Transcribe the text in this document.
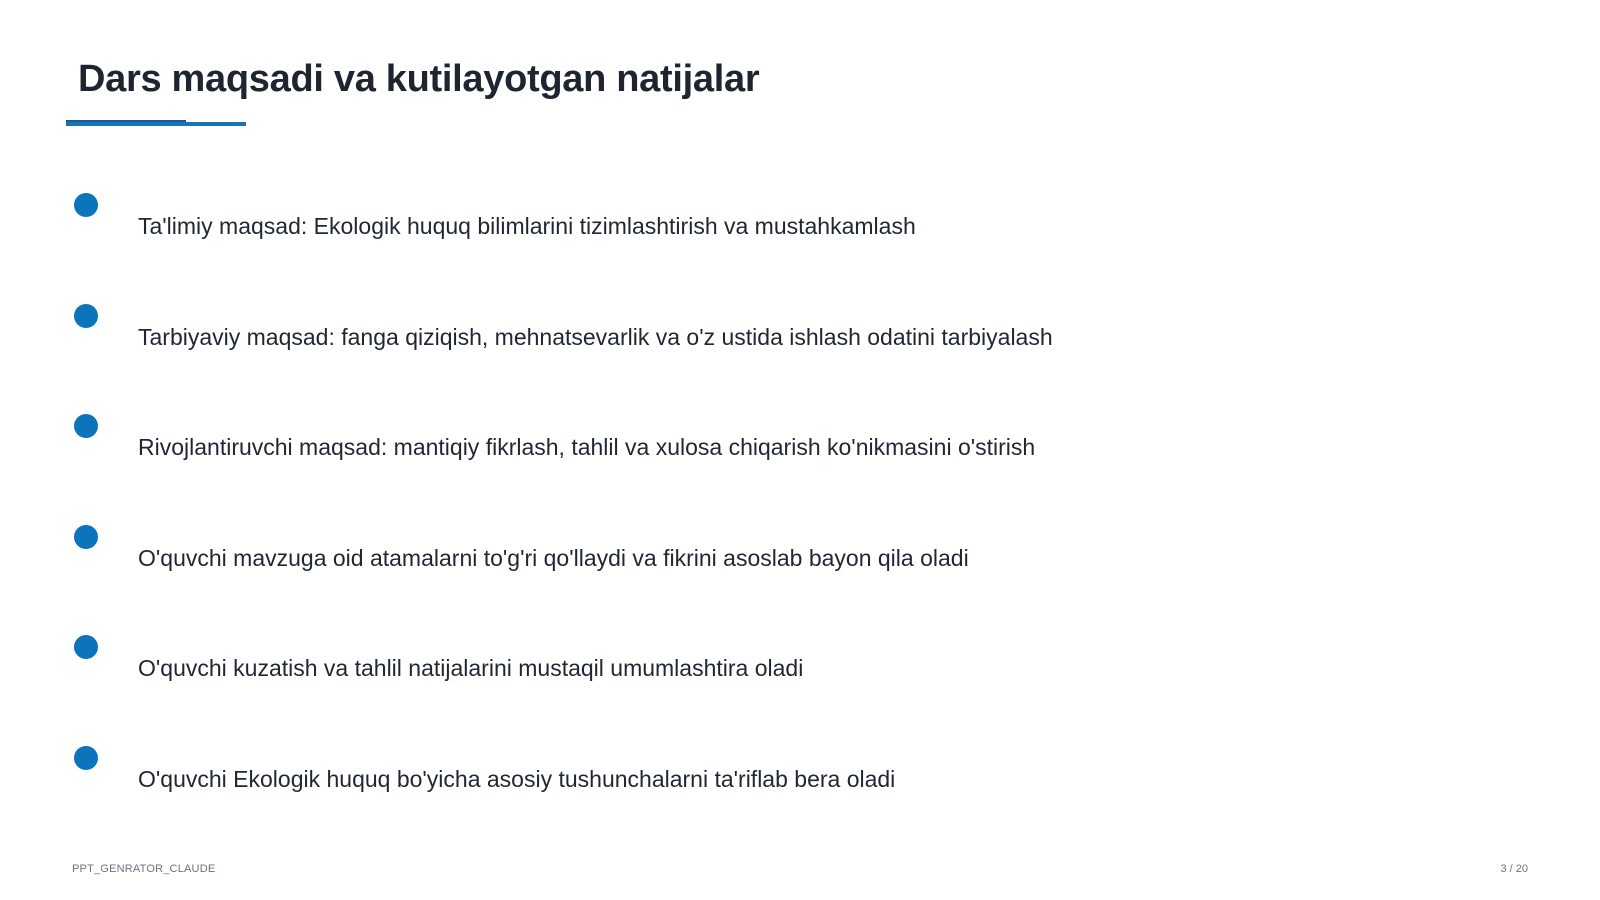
Dars maqsadi va kutilayotgan natijalar
Ta'limiy maqsad: Ekologik huquq bilimlarini tizimlashtirish va mustahkamlash
Tarbiyaviy maqsad: fanga qiziqish, mehnatsevarlik va o'z ustida ishlash odatini tarbiyalash
Rivojlantiruvchi maqsad: mantiqiy fikrlash, tahlil va xulosa chiqarish ko'nikmasini o'stirish
O'quvchi mavzuga oid atamalarni to'g'ri qo'llaydi va fikrini asoslab bayon qila oladi
O'quvchi kuzatish va tahlil natijalarini mustaqil umumlashtira oladi
O'quvchi Ekologik huquq bo'yicha asosiy tushunchalarni ta'riflab bera oladi
PPT_GENRATOR_CLAUDE	3 / 20
